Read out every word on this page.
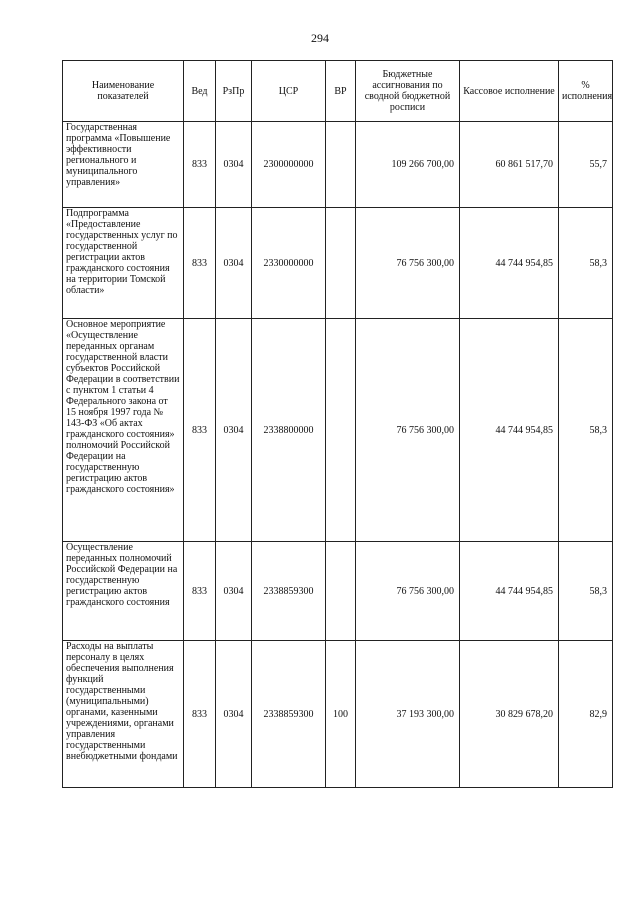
294
Наименование показателей	Вед	РзПр	ЦСР	ВР	Бюджетные ассигнования по сводной бюджетной росписи	Кассовое исполнение	% исполнения
Государственная программа «Повышение эффективности регионального и муниципального управления»	833	0304	2300000000		109 266 700,00	60 861 517,70	55,7
Подпрограмма «Предоставление государственных услуг по государственной регистрации актов гражданского состояния на территории Томской области»	833	0304	2330000000		76 756 300,00	44 744 954,85	58,3
Основное мероприятие «Осуществление переданных органам государственной власти субъектов Российской Федерации в соответствии с пунктом 1 статьи 4 Федерального закона от 15 ноября 1997 года № 143-ФЗ «Об актах гражданского состояния» полномочий Российской Федерации на государственную регистрацию актов гражданского состояния»	833	0304	2338800000		76 756 300,00	44 744 954,85	58,3
Осуществление переданных полномочий Российской Федерации на государственную регистрацию актов гражданского состояния	833	0304	2338859300		76 756 300,00	44 744 954,85	58,3
Расходы на выплаты персоналу в целях обеспечения выполнения функций государственными (муниципальными) органами, казенными учреждениями, органами управления государственными внебюджетными фондами	833	0304	2338859300	100	37 193 300,00	30 829 678,20	82,9
